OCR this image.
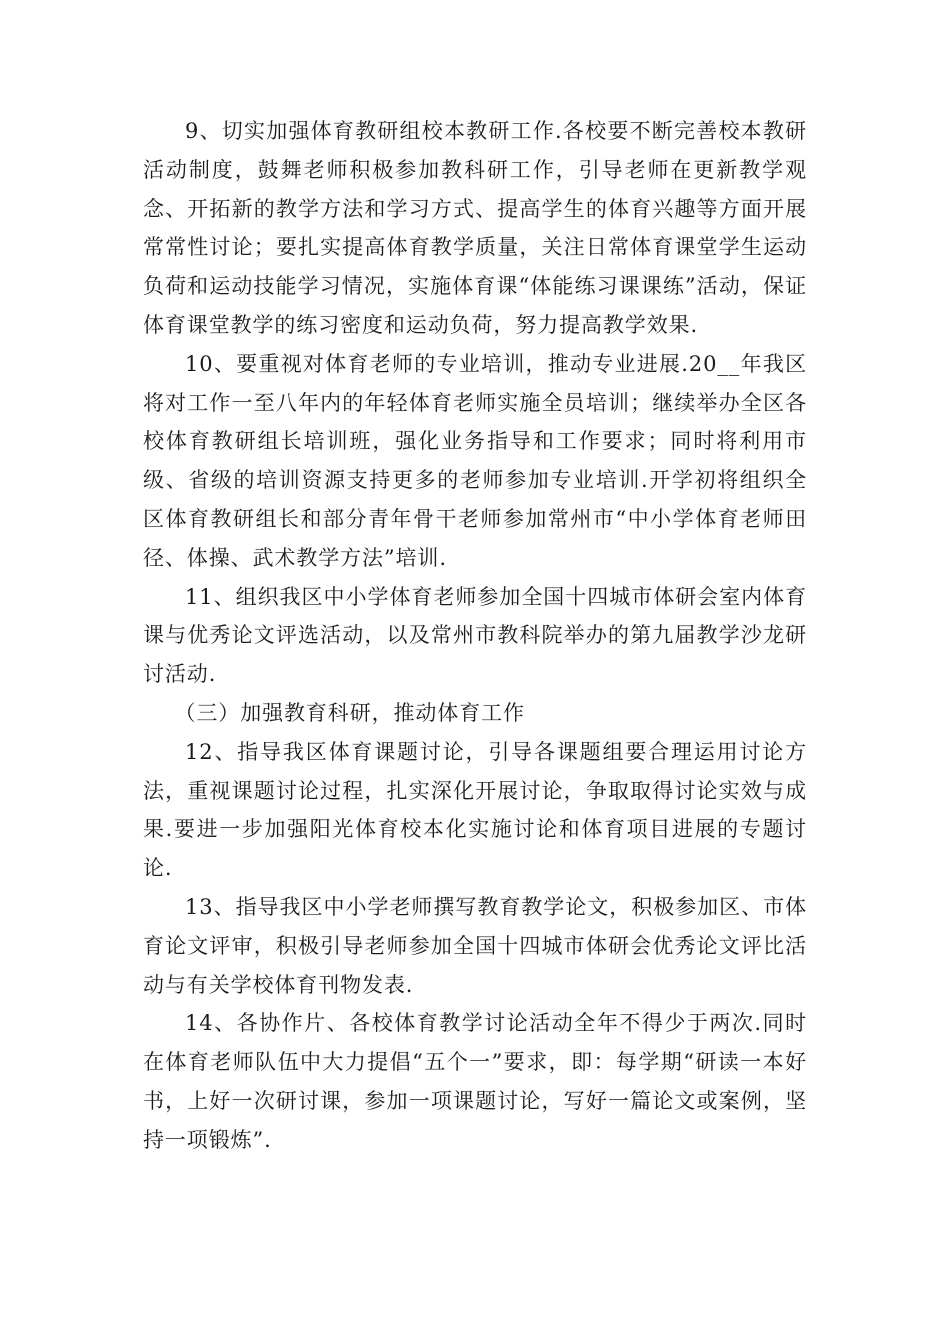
9、切实加强体育教研组校本教研工作.各校要不断完善校本教研活动制度，鼓舞老师积极参加教科研工作，引导老师在更新教学观念、开拓新的教学方法和学习方式、提高学生的体育兴趣等方面开展常常性讨论；要扎实提高体育教学质量，关注日常体育课堂学生运动负荷和运动技能学习情况，实施体育课“体能练习课课练”活动，保证体育课堂教学的练习密度和运动负荷，努力提高教学效果.

10、要重视对体育老师的专业培训，推动专业进展.20__年我区将对工作一至八年内的年轻体育老师实施全员培训；继续举办全区各校体育教研组长培训班，强化业务指导和工作要求；同时将利用市级、省级的培训资源支持更多的老师参加专业培训.开学初将组织全区体育教研组长和部分青年骨干老师参加常州市“中小学体育老师田径、体操、武术教学方法”培训.

11、组织我区中小学体育老师参加全国十四城市体研会室内体育课与优秀论文评选活动，以及常州市教科院举办的第九届教学沙龙研讨活动.

（三）加强教育科研，推动体育工作

12、指导我区体育课题讨论，引导各课题组要合理运用讨论方法，重视课题讨论过程，扎实深化开展讨论，争取取得讨论实效与成果.要进一步加强阳光体育校本化实施讨论和体育项目进展的专题讨论.

13、指导我区中小学老师撰写教育教学论文，积极参加区、市体育论文评审，积极引导老师参加全国十四城市体研会优秀论文评比活动与有关学校体育刊物发表.

14、各协作片、各校体育教学讨论活动全年不得少于两次.同时在体育老师队伍中大力提倡“五个一”要求，即：每学期“研读一本好书，上好一次研讨课，参加一项课题讨论，写好一篇论文或案例，坚持一项锻炼”.
